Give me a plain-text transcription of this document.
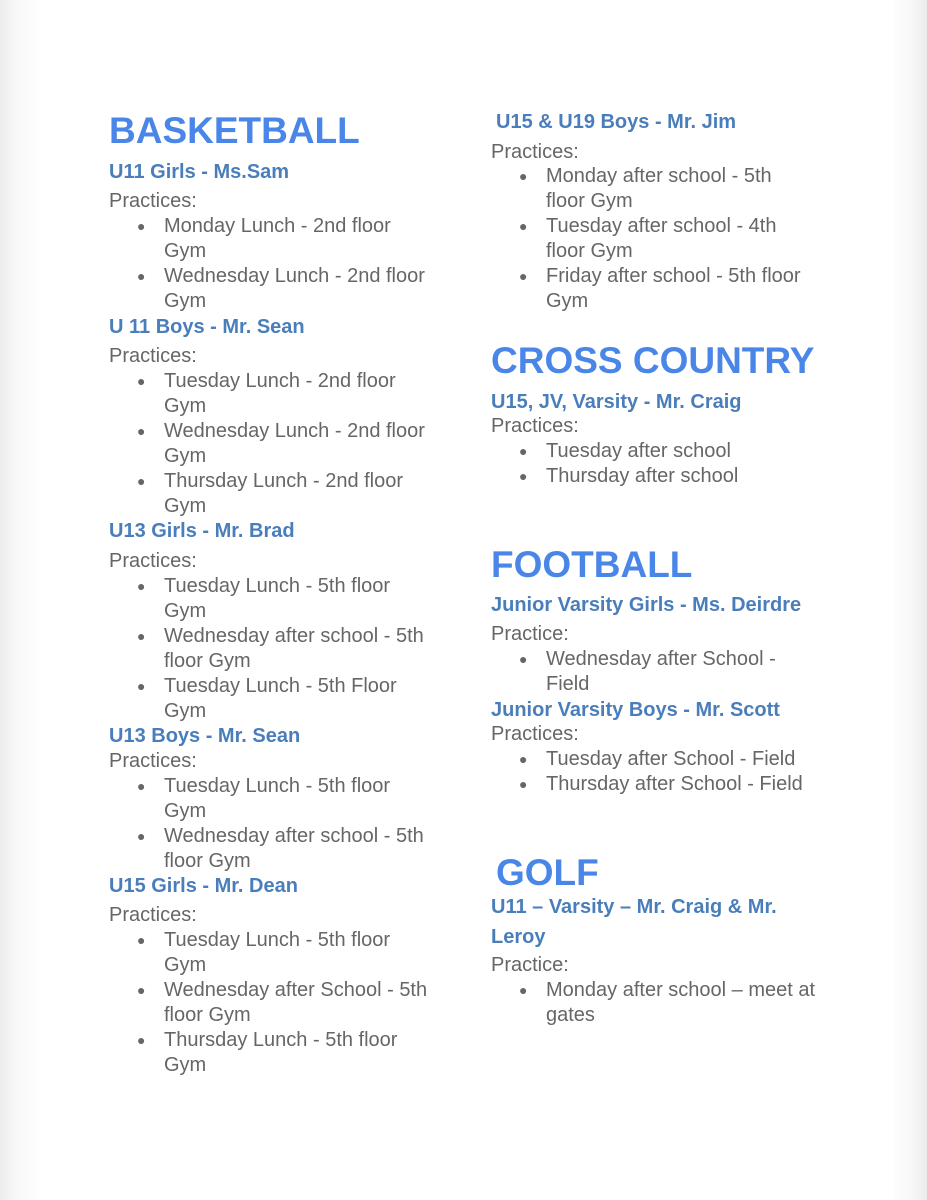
BASKETBALL
U11 Girls - Ms.Sam
Practices:
● Monday Lunch - 2nd floor Gym
● Wednesday Lunch - 2nd floor Gym
U 11 Boys - Mr. Sean
Practices:
● Tuesday Lunch - 2nd floor Gym
● Wednesday Lunch - 2nd floor Gym
● Thursday Lunch - 2nd floor Gym
U13 Girls - Mr. Brad
Practices:
● Tuesday Lunch - 5th floor Gym
● Wednesday after school - 5th floor Gym
● Tuesday Lunch - 5th Floor Gym
U13 Boys - Mr. Sean
Practices:
● Tuesday Lunch - 5th floor Gym
● Wednesday after school - 5th floor Gym
U15 Girls - Mr. Dean
Practices:
● Tuesday Lunch - 5th floor Gym
● Wednesday after School - 5th floor Gym
● Thursday Lunch - 5th floor Gym
U15 & U19 Boys - Mr. Jim
Practices:
● Monday after school - 5th floor Gym
● Tuesday after school - 4th floor Gym
● Friday after school - 5th floor Gym
CROSS COUNTRY
U15, JV, Varsity - Mr. Craig
Practices:
● Tuesday after school
● Thursday after school
FOOTBALL
Junior Varsity Girls - Ms. Deirdre
Practice:
● Wednesday after School - Field
Junior Varsity Boys - Mr. Scott
Practices:
● Tuesday after School - Field
● Thursday after School - Field
GOLF
U11 – Varsity – Mr. Craig & Mr.
Leroy
Practice:
● Monday after school – meet at gates
